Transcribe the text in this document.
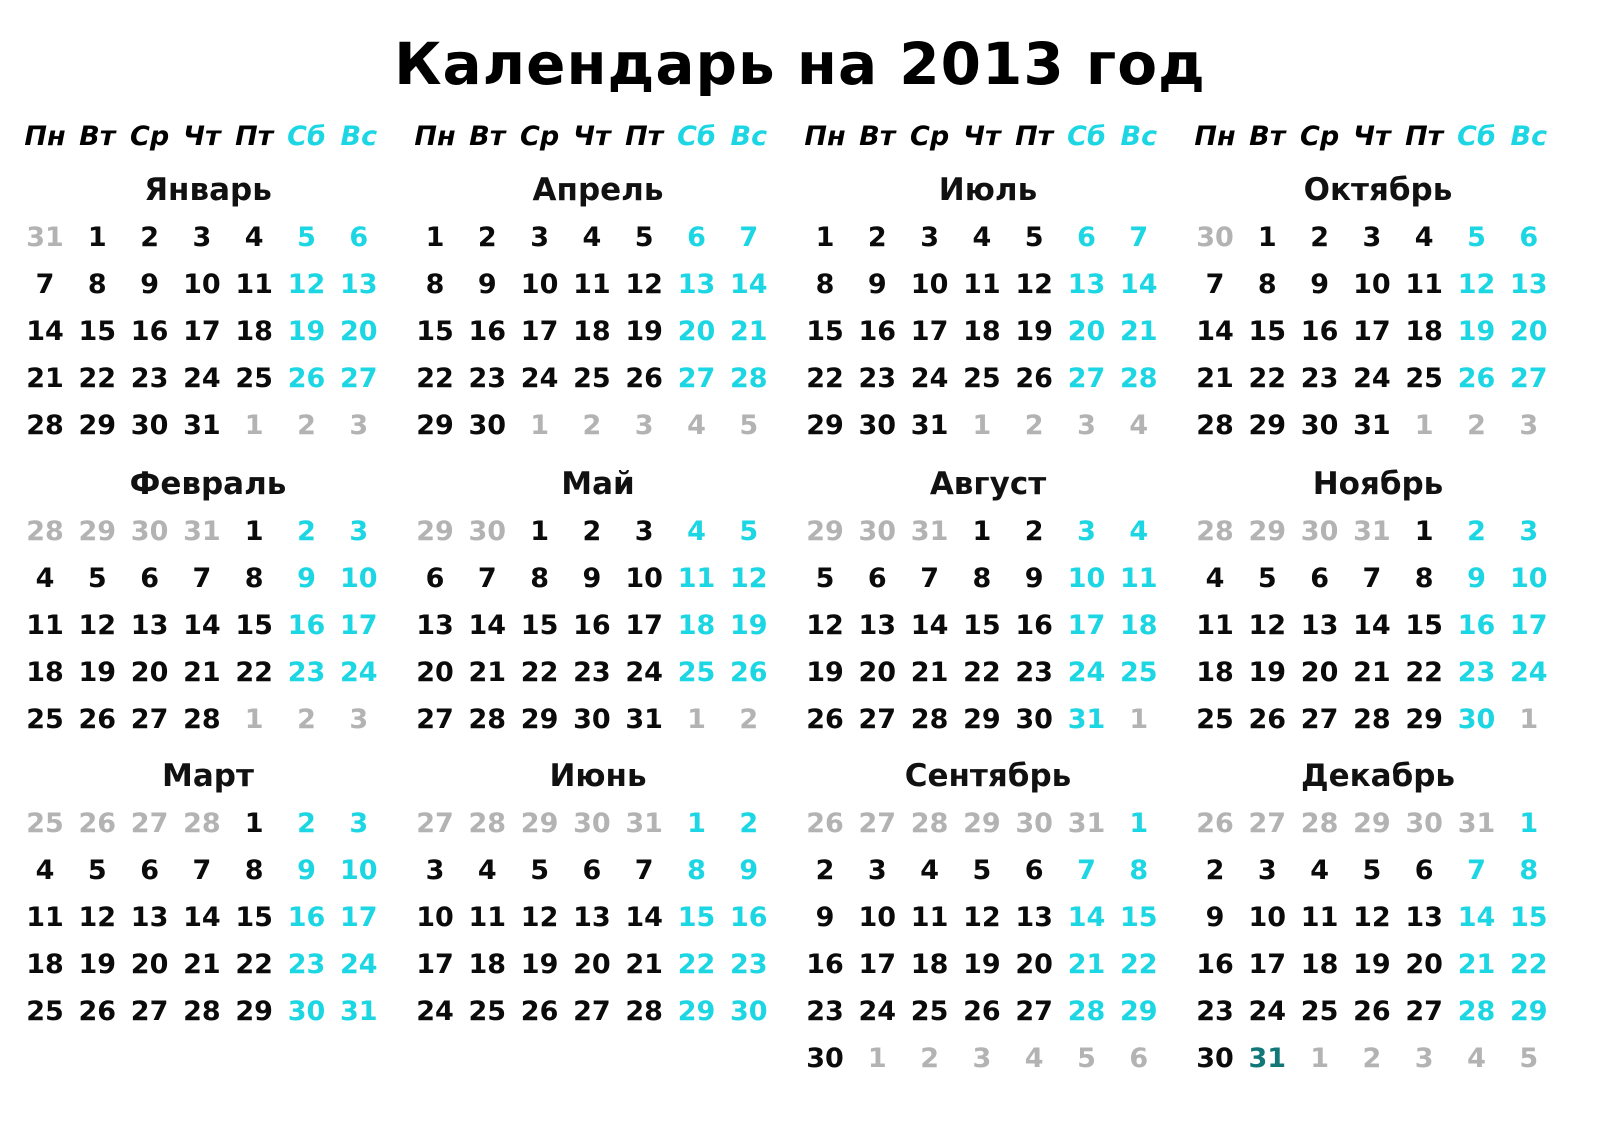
Календарь на 2013 год
Пн Вт Ср Чт Пт Сб Вс
Январь
31 1	2	3	4	5	6
7	8	9 10 11 12 13
14 15 16 17 18 19 20
21 22 23 24 25 26 27
28 29 30 31 1	2	3
Февраль
28 29 30 31 1	2	3
4	5	6	7	8	9 10
11 12 13 14 15 16 17
18 19 20 21 22 23 24
25 26 27 28 1	2	3
Март
25 26 27 28 1	2	3
4	5	6	7	8	9 10
11 12 13 14 15 16 17
18 19 20 21 22 23 24
25 26 27 28 29 30 31
Пн Вт Ср Чт Пт Сб Вс
Апрель
1	2	3	4	5	6	7
8	9 10 11 12 13 14
15 16 17 18 19 20 21
22 23 24 25 26 27 28
29 30 1	2	3	4	5
Май
29 30 1	2	3	4	5
6	7	8	9 10 11 12
13 14 15 16 17 18 19
20 21 22 23 24 25 26
27 28 29 30 31 1	2
Июнь
27 28 29 30 31 1	2
3	4	5	6	7	8	9
10 11 12 13 14 15 16
17 18 19 20 21 22 23
24 25 26 27 28 29 30
Пн Вт Ср Чт Пт Сб Вс
Июль
1	2	3	4	5	6	7
8	9 10 11 12 13 14
15 16 17 18 19 20 21
22 23 24 25 26 27 28
29 30 31 1	2	3	4
Август
29 30 31 1	2	3	4
5	6	7	8	9 10 11
12 13 14 15 16 17 18
19 20 21 22 23 24 25
26 27 28 29 30 31 1
Сентябрь
26 27 28 29 30 31 1
2	3	4	5	6	7	8
9 10 11 12 13 14 15
16 17 18 19 20 21 22
23 24 25 26 27 28 29
30 1	2	3	4	5	6
Пн Вт Ср Чт Пт Сб Вс
Октябрь
30 1	2	3	4	5	6
7	8	9 10 11 12 13
14 15 16 17 18 19 20
21 22 23 24 25 26 27
28 29 30 31 1	2	3
Ноябрь
28 29 30 31 1	2	3
4	5	6	7	8	9 10
11 12 13 14 15 16 17
18 19 20 21 22 23 24
25 26 27 28 29 30 1
Декабрь
26 27 28 29 30 31 1
2	3	4	5	6	7	8
9 10 11 12 13 14 15
16 17 18 19 20 21 22
23 24 25 26 27 28 29
30 31 1	2	3	4	5
